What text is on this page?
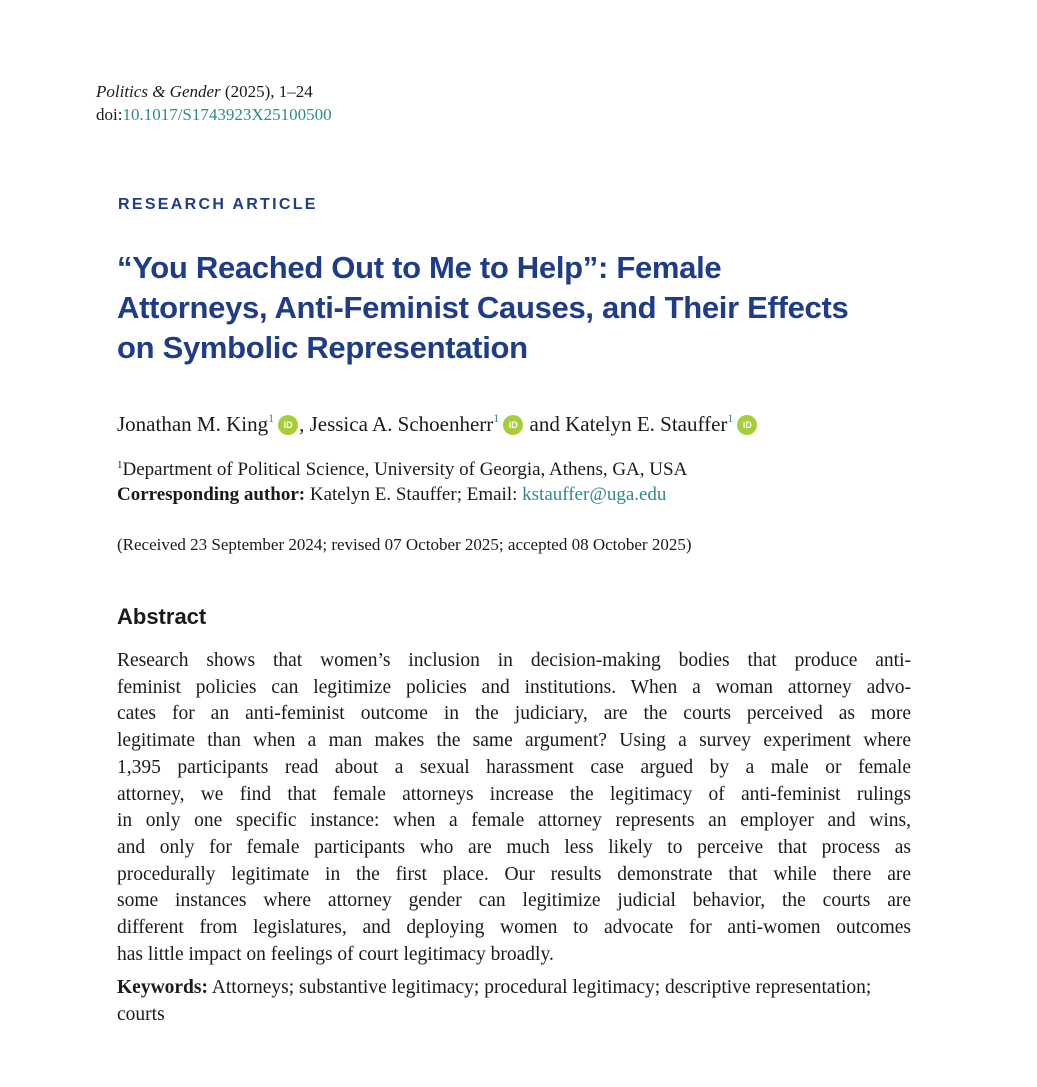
Politics & Gender (2025), 1–24
doi:10.1017/S1743923X25100500
RESEARCH ARTICLE
“You Reached Out to Me to Help”: Female
Attorneys, Anti-Feminist Causes, and Their Effects
on Symbolic Representation
Jonathan M. King$^1$ iD , Jessica A. Schoenherr$^1$ iD and Katelyn E. Stauffer$^1$ iD
$^1$Department of Political Science, University of Georgia, Athens, GA, USA
Corresponding author: Katelyn E. Stauffer; Email: kstauffer@uga.edu
(Received 23 September 2024; revised 07 October 2025; accepted 08 October 2025)
Abstract
Research shows that women’s inclusion in decision-making bodies that produce anti-
feminist policies can legitimize policies and institutions. When a woman attorney advo-
cates for an anti-feminist outcome in the judiciary, are the courts perceived as more
legitimate than when a man makes the same argument? Using a survey experiment where
1,395 participants read about a sexual harassment case argued by a male or female
attorney, we find that female attorneys increase the legitimacy of anti-feminist rulings
in only one specific instance: when a female attorney represents an employer and wins,
and only for female participants who are much less likely to perceive that process as
procedurally legitimate in the first place. Our results demonstrate that while there are
some instances where attorney gender can legitimize judicial behavior, the courts are
different from legislatures, and deploying women to advocate for anti-women outcomes
has little impact on feelings of court legitimacy broadly.
Keywords: Attorneys; substantive legitimacy; procedural legitimacy; descriptive representation; courts
